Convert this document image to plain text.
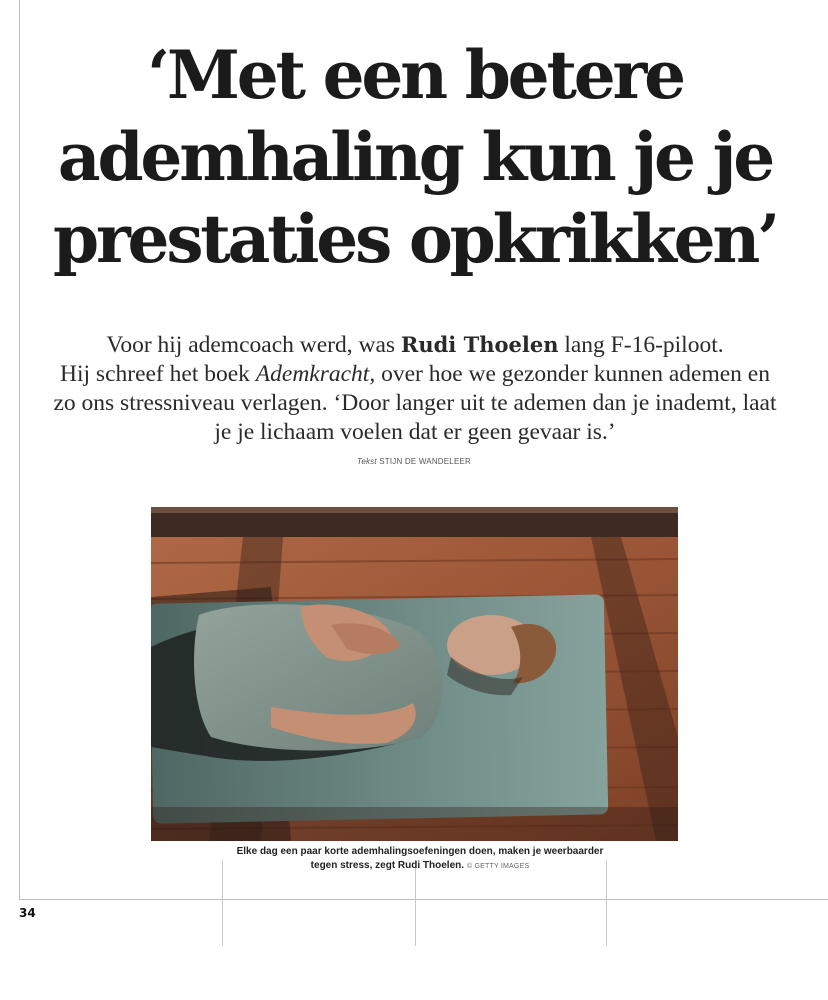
‘Met een betere
ademhaling kun je je
prestaties opkrikken’

Voor hij ademcoach werd, was Rudi Thoelen lang F-16-piloot.
Hij schreef het boek Ademkracht, over hoe we gezonder kunnen ademen en zo ons stressniveau verlagen. ‘Door langer uit te ademen dan je inademt, laat je je lichaam voelen dat er geen gevaar is.’

Tekst STIJN DE WANDELEER

Elke dag een paar korte ademhalingsoefeningen doen, maken je weerbaarder tegen stress, zegt Rudi Thoelen. © GETTY IMAGES

34
